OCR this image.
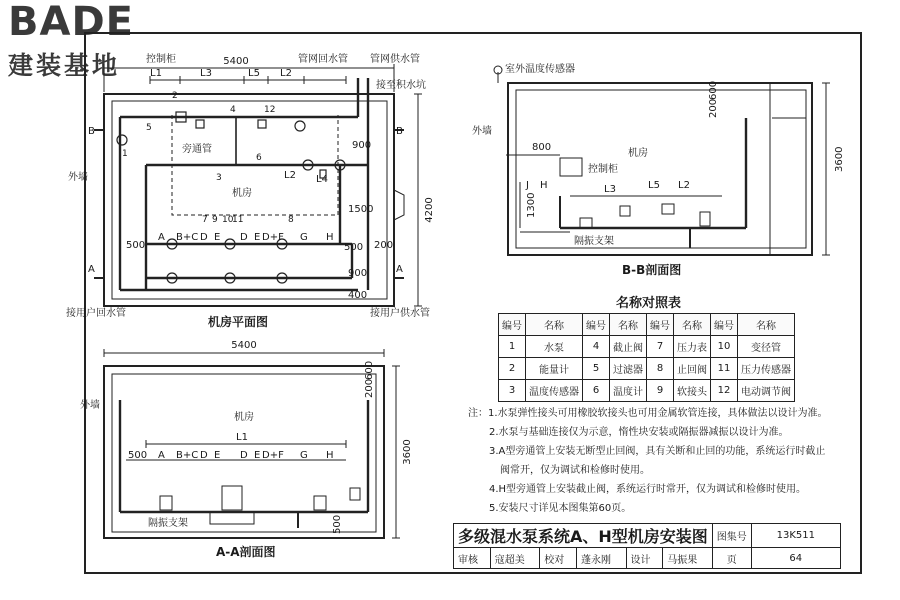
BADE
建装基地	5400
4200
管网回水管 管网供水管
接至积水坑
控制柜
旁通管
机房
外墙
接用户回水管	接用户供水管
L1	L3	L5 L2
L2 L4
500	200
900
1500
400
900
500
B	B
A	A
A B+C D E D E D+F G H
1
2
3
4
5
6
7	8
9 10
11
12
机房平面图
室外温度传感器
外墙
机房
控制柜
隔振支架
800
200
600
3600
1300
H
J	L3	L5 L2
B-B剖面图
5400
3600
外墙
机房
隔振支架
L1
500
200
600
500
A B+C D E D E D+F G H
A-A剖面图
名称对照表
编号	名称	编号	名称	编号	名称	编号	名称
1	水泵	4	截止阀	7	压力表	10	变径管
2	能量计	5	过滤器	8	止回阀	11	压力传感器
3	温度传感器	6	温度计	9	软接头	12	电动调节阀
注：1.水泵弹性接头可用橡胶软接头也可用金属软管连接，具体做法以设计为准。
2.水泵与基础连接仅为示意，惰性块安装或隔振器减振以设计为准。
3.A型旁通管上安装无断型止回阀，具有关断和止回的功能，系统运行时截止
阀常开，仅为调试和检修时使用。
4.H型旁通管上安装截止阀，系统运行时常开，仅为调试和检修时使用。
5.安装尺寸详见本图集第60页。
多级混水泵系统A、H型机房安装图						图集号	13K511
审核	寇超美	校对	蓬永刚	设计	马振果	页	64
